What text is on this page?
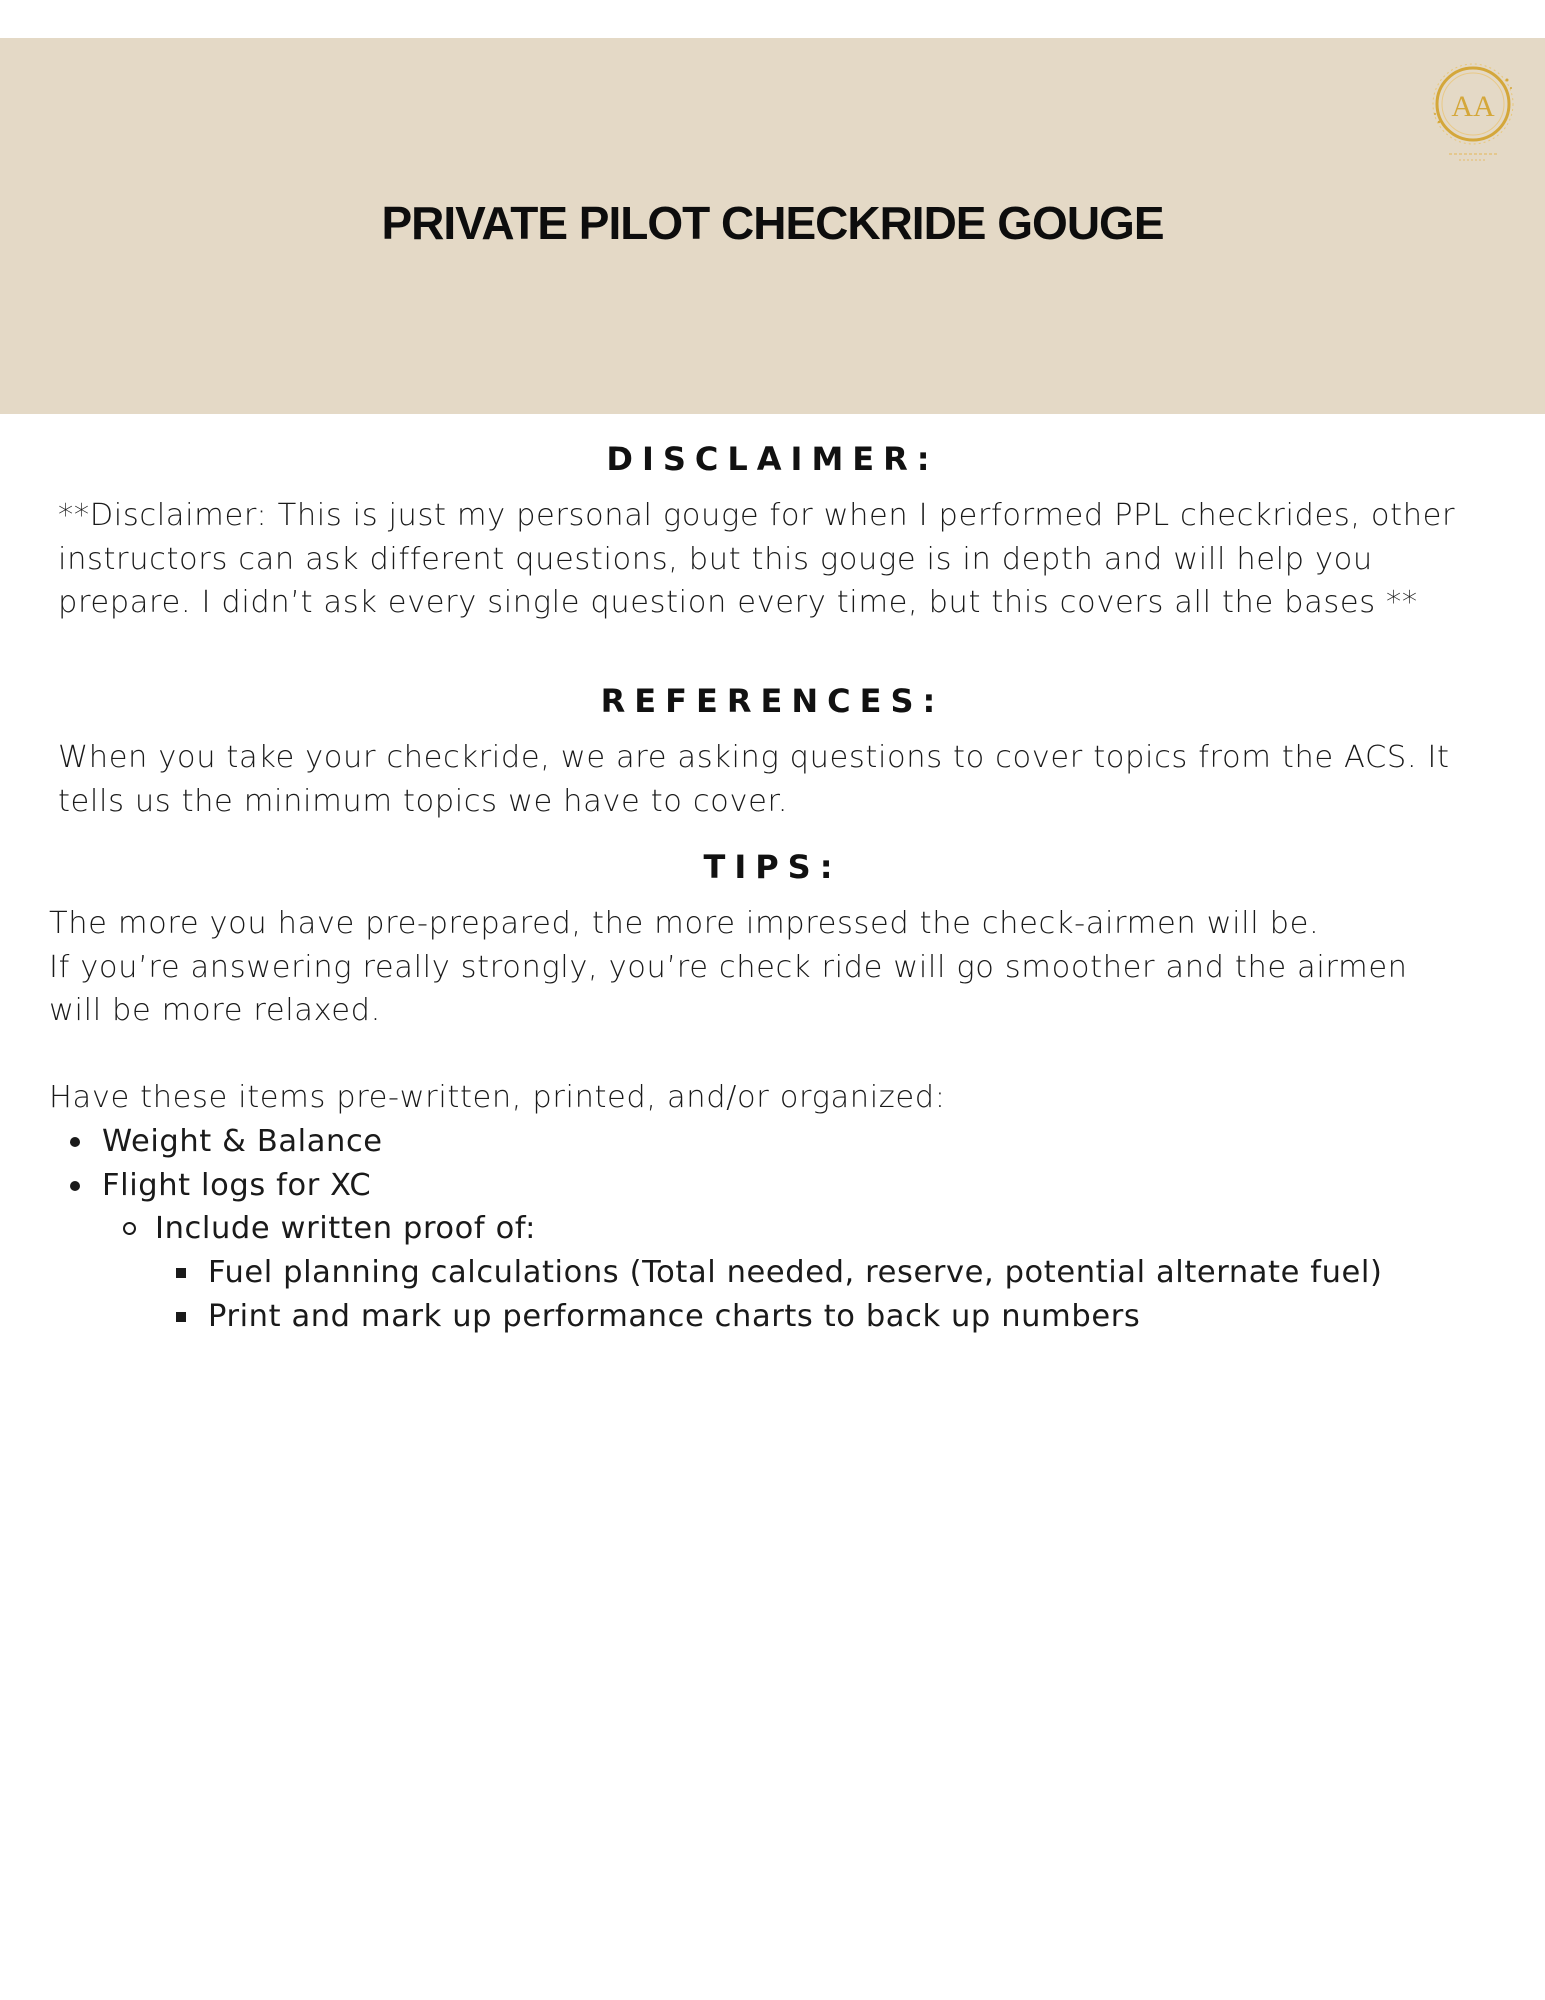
PRIVATE PILOT CHECKRIDE GOUGE
AA
DISCLAIMER:
**Disclaimer: This is just my personal gouge for when I performed PPL checkrides, other
instructors can ask different questions, but this gouge is in depth and will help you
prepare. I didn’t ask every single question every time, but this covers all the bases **
REFERENCES:
When you take your checkride, we are asking questions to cover topics from the ACS. It
tells us the minimum topics we have to cover.
TIPS:
The more you have pre-prepared, the more impressed the check-airmen will be.
If you’re answering really strongly, you’re check ride will go smoother and the airmen
will be more relaxed.
Have these items pre-written, printed, and/or organized:
Weight & Balance
Flight logs for XC
Include written proof of:
Fuel planning calculations (Total needed, reserve, potential alternate fuel)
Print and mark up performance charts to back up numbers
